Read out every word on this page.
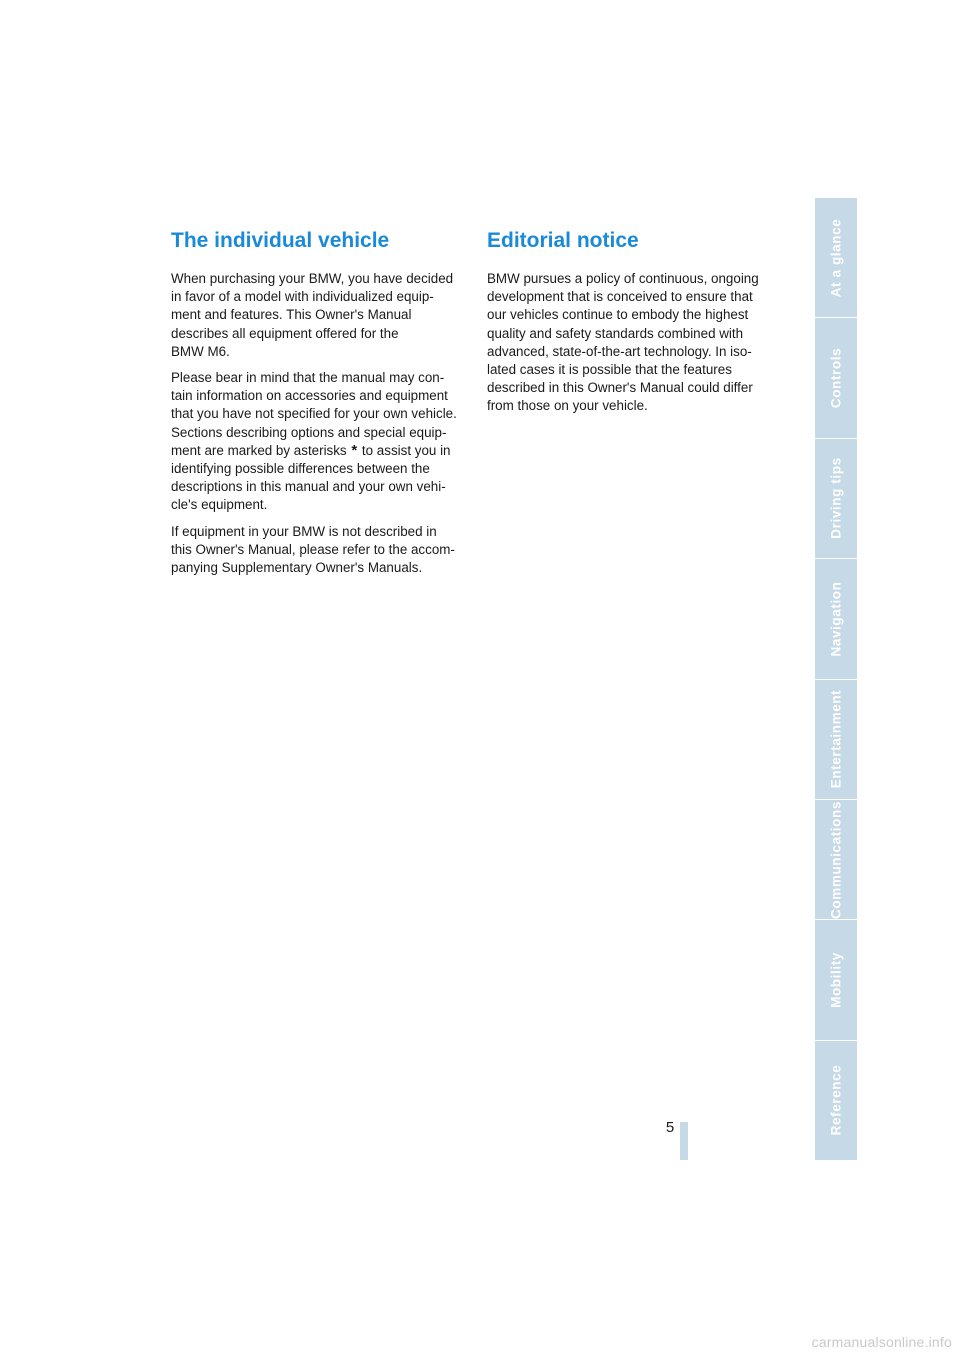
The individual vehicle

When purchasing your BMW, you have decided
in favor of a model with individualized equip-
ment and features. This Owner's Manual
describes all equipment offered for the
BMW M6.

Please bear in mind that the manual may con-
tain information on accessories and equipment
that you have not specified for your own vehicle.
Sections describing options and special equip-
ment are marked by asterisks * to assist you in
identifying possible differences between the
descriptions in this manual and your own vehi-
cle's equipment.

If equipment in your BMW is not described in
this Owner's Manual, please refer to the accom-
panying Supplementary Owner's Manuals.

Editorial notice

BMW pursues a policy of continuous, ongoing
development that is conceived to ensure that
our vehicles continue to embody the highest
quality and safety standards combined with
advanced, state-of-the-art technology. In iso-
lated cases it is possible that the features
described in this Owner's Manual could differ
from those on your vehicle.

At a glance
Controls
Driving tips
Navigation
Entertainment
Communications
Mobility
Reference
5
carmanualsonline.info
